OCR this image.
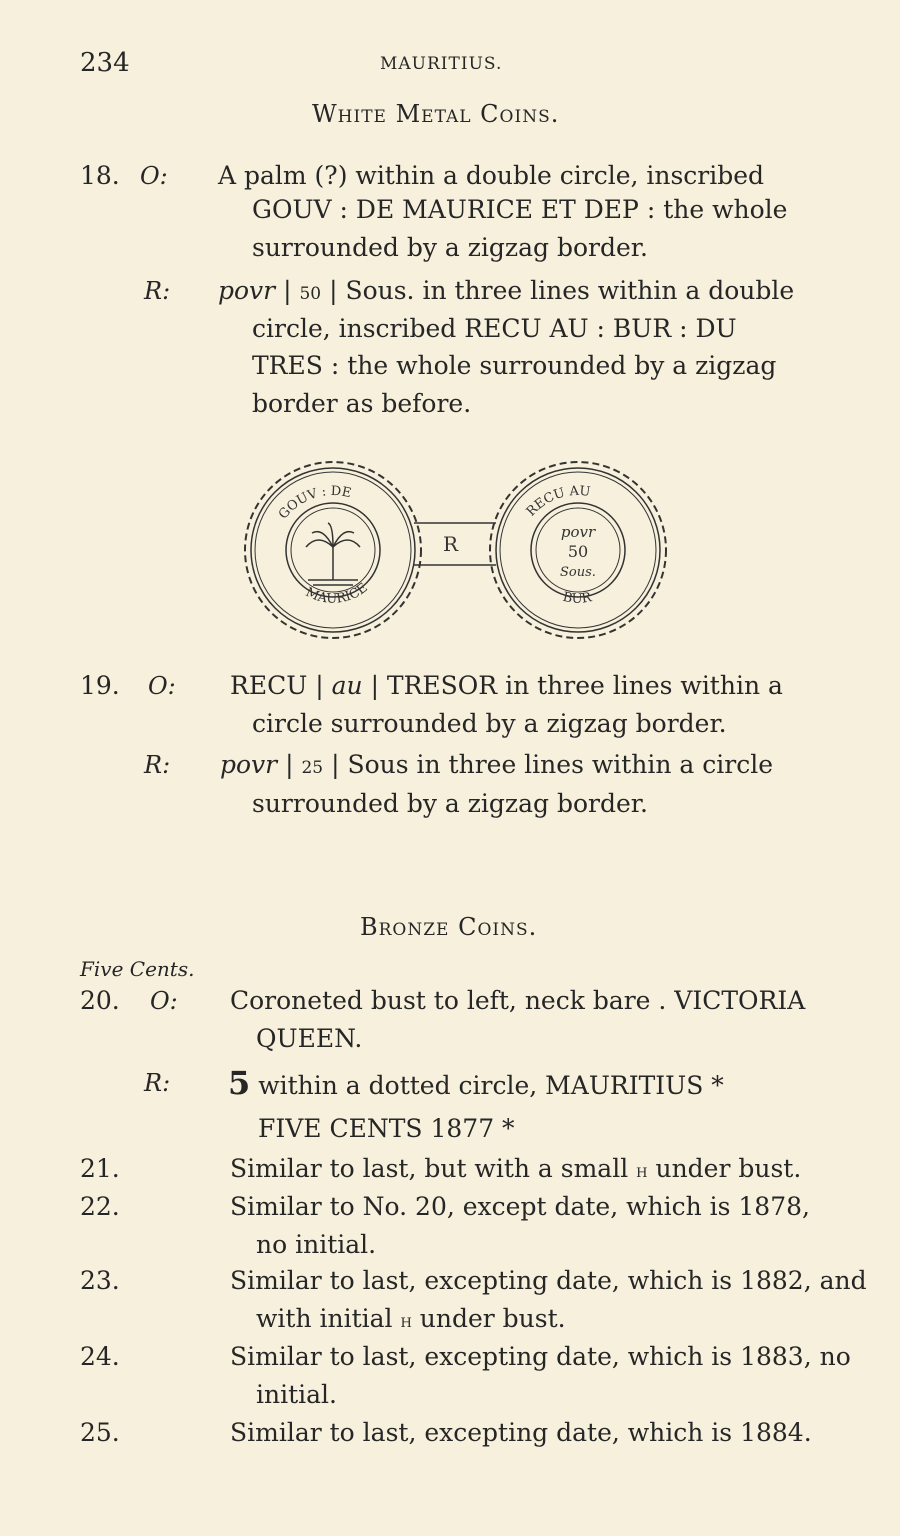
234	MAURITIUS.
White Metal Coins.
18. O: A palm (?) within a double circle, inscribed
GOUV : DE MAURICE ET DEP : the whole
surrounded by a zigzag border.
R: povr | 50 | Sous. in three lines within a double
circle, inscribed RECU AU : BUR : DU
TRES : the whole surrounded by a zigzag
border as before.
R
GOUV : DE
MAURICE
RECU AU
BUR
povr
50
Sous.
19. O: RECU | au | TRESOR in three lines within a
circle surrounded by a zigzag border.
R: povr | 25 | Sous in three lines within a circle
surrounded by a zigzag border.
Bronze Coins.
Five Cents.
20. O: Coroneted bust to left, neck bare . VICTORIA
QUEEN.
R: 5 within a dotted circle, MAURITIUS *
FIVE CENTS 1877 *
21.	Similar to last, but with a small h under bust.
22.	Similar to No. 20, except date, which is 1878,
no initial.
23.	Similar to last, excepting date, which is 1882, and
with initial h under bust.
24.	Similar to last, excepting date, which is 1883, no
initial.
25.	Similar to last, excepting date, which is 1884.
